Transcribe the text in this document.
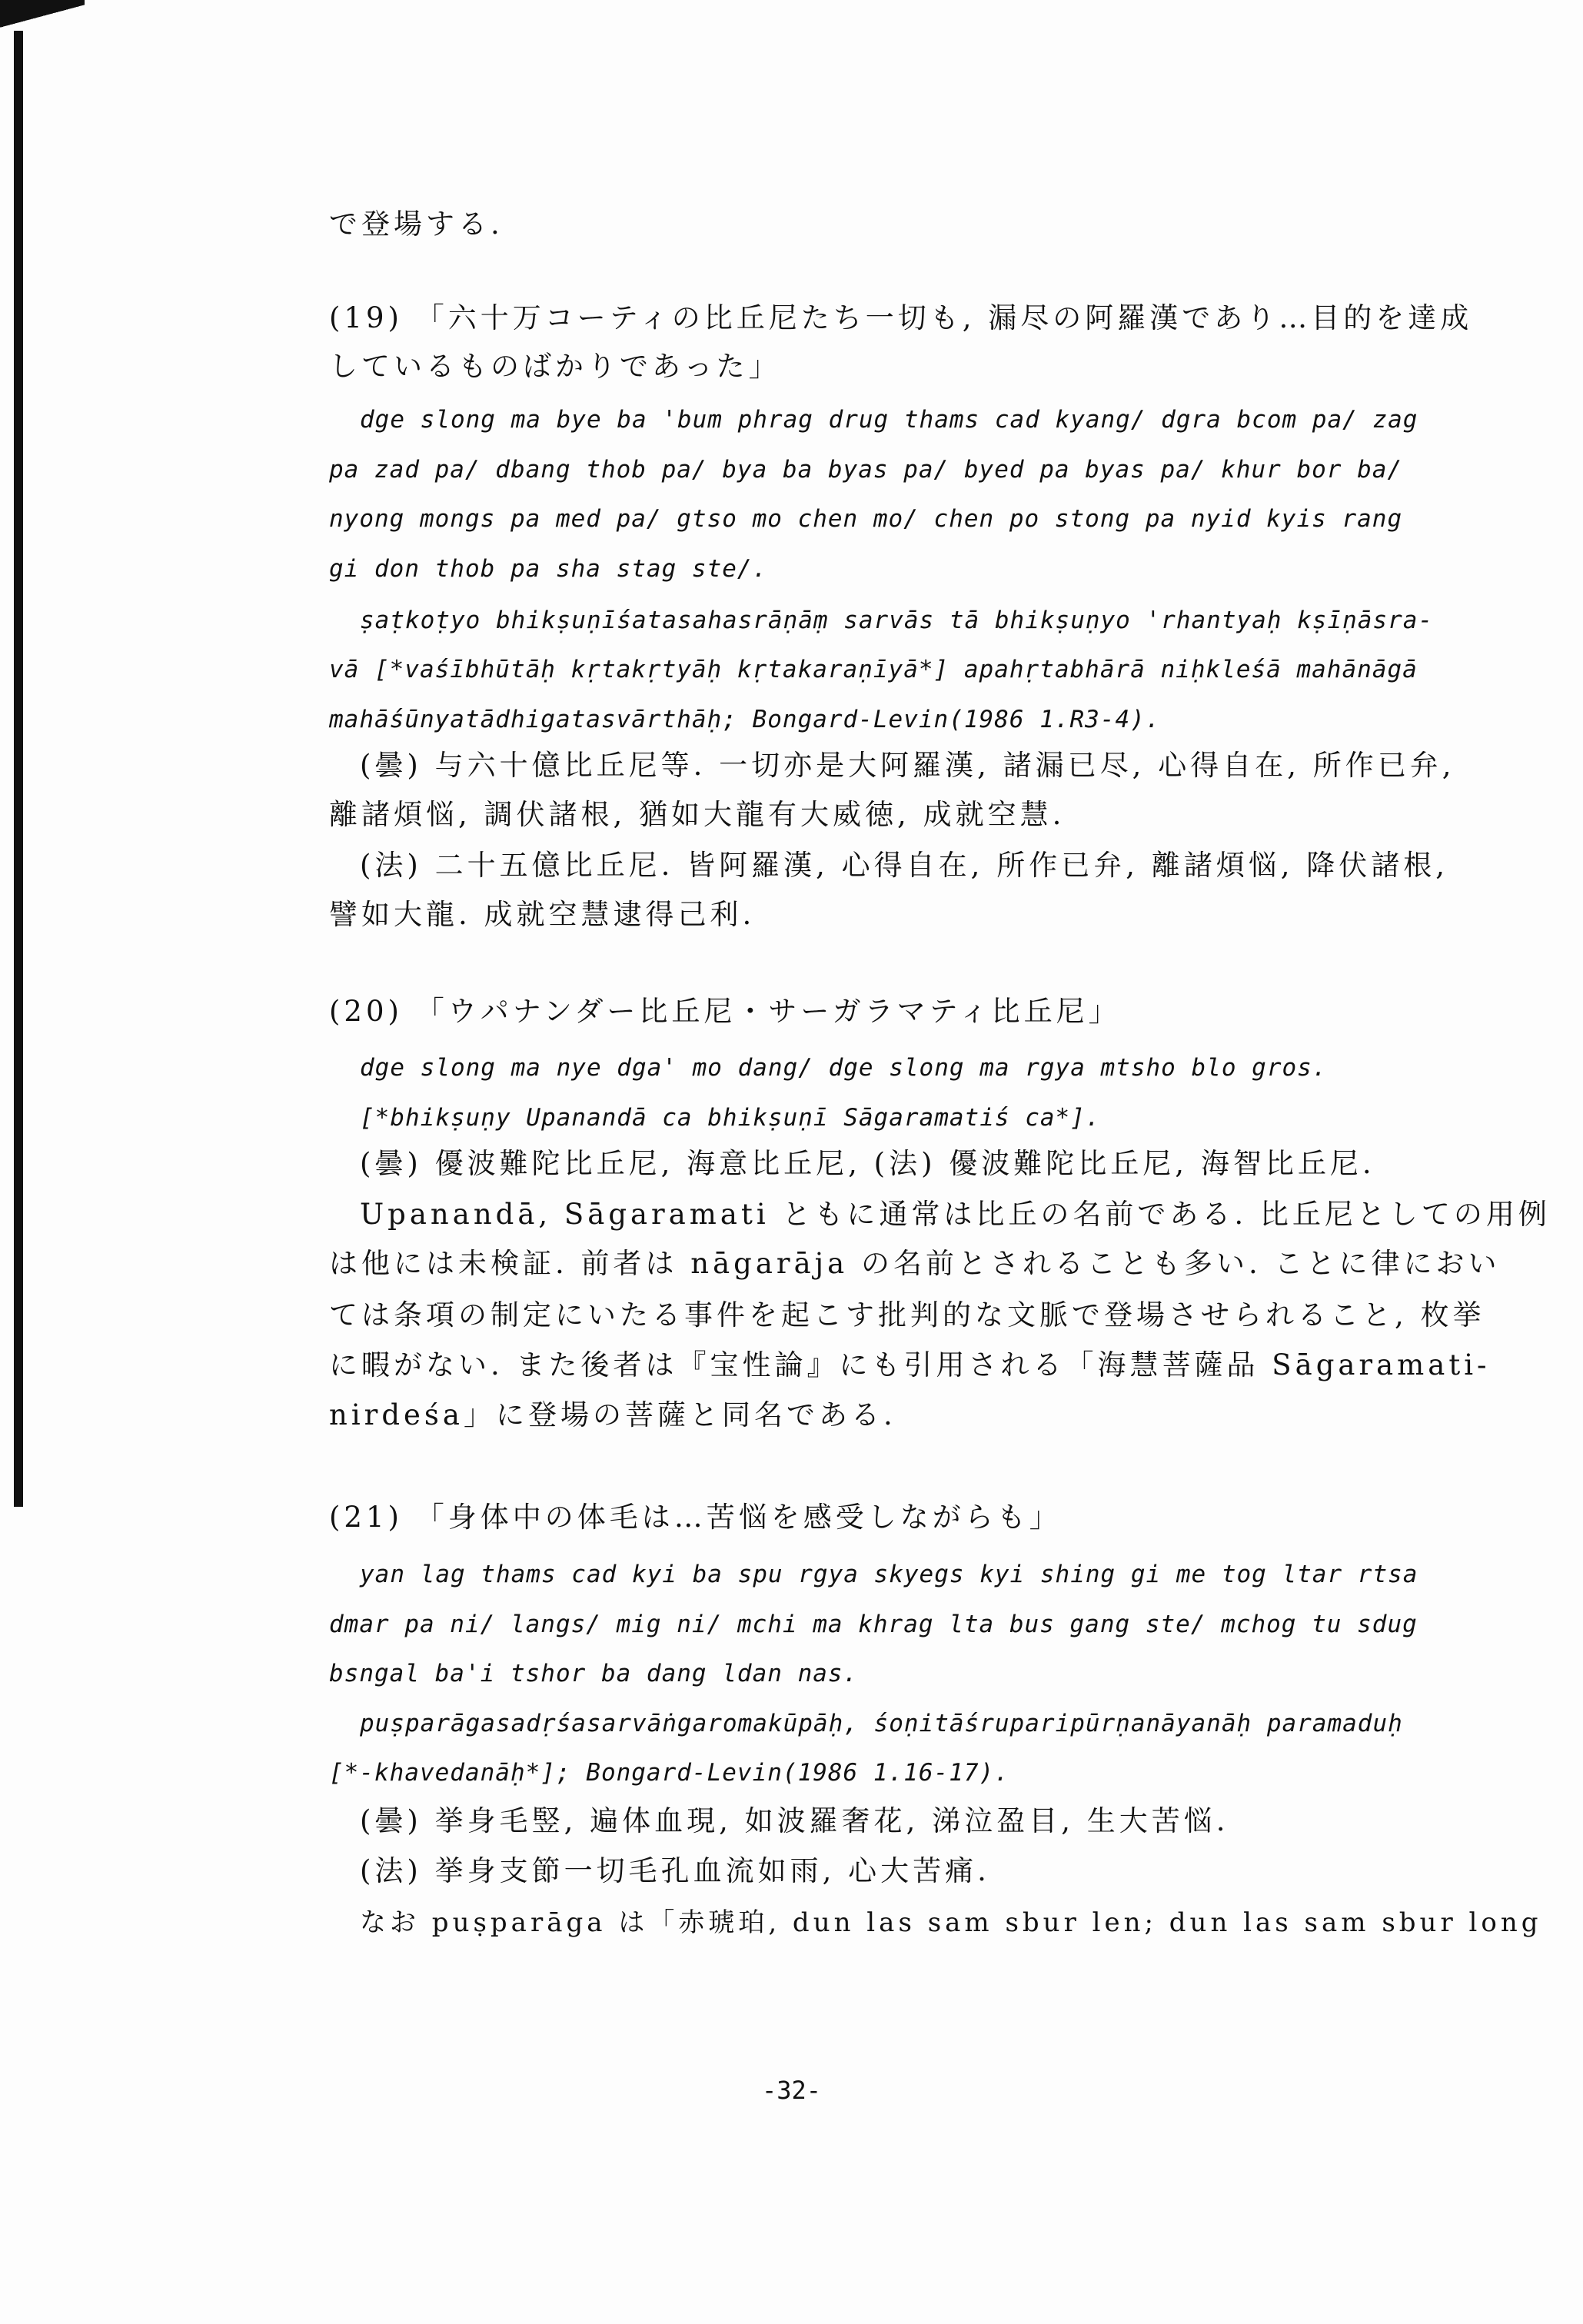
で登場する.
(19) 「六十万コーティの比丘尼たち一切も, 漏尽の阿羅漢であり…目的を達成
しているものばかりであった」
dge slong ma bye ba 'bum phrag drug thams cad kyang/ dgra bcom pa/ zag
pa zad pa/ dbang thob pa/ bya ba byas pa/ byed pa byas pa/ khur bor ba/
nyong mongs pa med pa/ gtso mo chen mo/ chen po stong pa nyid kyis rang
gi don thob pa sha stag ste/.
ṣaṭkoṭyo bhikṣuṇīśatasahasrāṇāṃ sarvās tā bhikṣuṇyo 'rhantyaḥ kṣīṇāsra-
vā [*vaśībhūtāḥ kṛtakṛtyāḥ kṛtakaraṇīyā*] apahṛtabhārā niḥkleśā mahānāgā
mahāśūnyatādhigatasvārthāḥ; Bongard-Levin(1986 1.R3-4).
(曇) 与六十億比丘尼等. 一切亦是大阿羅漢, 諸漏已尽, 心得自在, 所作已弁,
離諸煩悩, 調伏諸根, 猶如大龍有大威徳, 成就空慧.
(法) 二十五億比丘尼. 皆阿羅漢, 心得自在, 所作已弁, 離諸煩悩, 降伏諸根,
譬如大龍. 成就空慧逮得己利.
(20) 「ウパナンダー比丘尼・サーガラマティ比丘尼」
dge slong ma nye dga' mo dang/ dge slong ma rgya mtsho blo gros.
[*bhikṣuṇy Upanandā ca bhikṣuṇī Sāgaramatiś ca*].
(曇) 優波難陀比丘尼, 海意比丘尼, (法) 優波難陀比丘尼, 海智比丘尼.
Upanandā, Sāgaramati ともに通常は比丘の名前である. 比丘尼としての用例
は他には未検証. 前者は nāgarāja の名前とされることも多い. ことに律におい
ては条項の制定にいたる事件を起こす批判的な文脈で登場させられること, 枚挙
に暇がない. また後者は『宝性論』にも引用される「海慧菩薩品 Sāgaramati-
nirdeśa」に登場の菩薩と同名である.
(21) 「身体中の体毛は…苦悩を感受しながらも」
yan lag thams cad kyi ba spu rgya skyegs kyi shing gi me tog ltar rtsa
dmar pa ni/ langs/ mig ni/ mchi ma khrag lta bus gang ste/ mchog tu sdug
bsngal ba'i tshor ba dang ldan nas.
puṣparāgasadṛśasarvāṅgaromakūpāḥ, śoṇitāśruparipūrṇanāyanāḥ paramaduḥ
[*-khavedanāḥ*]; Bongard-Levin(1986 1.16-17).
(曇) 挙身毛竪, 遍体血現, 如波羅奢花, 涕泣盈目, 生大苦悩.
(法) 挙身支節一切毛孔血流如雨, 心大苦痛.
なお puṣparāga は「赤琥珀, dun las sam sbur len; dun las sam sbur long
-32-
